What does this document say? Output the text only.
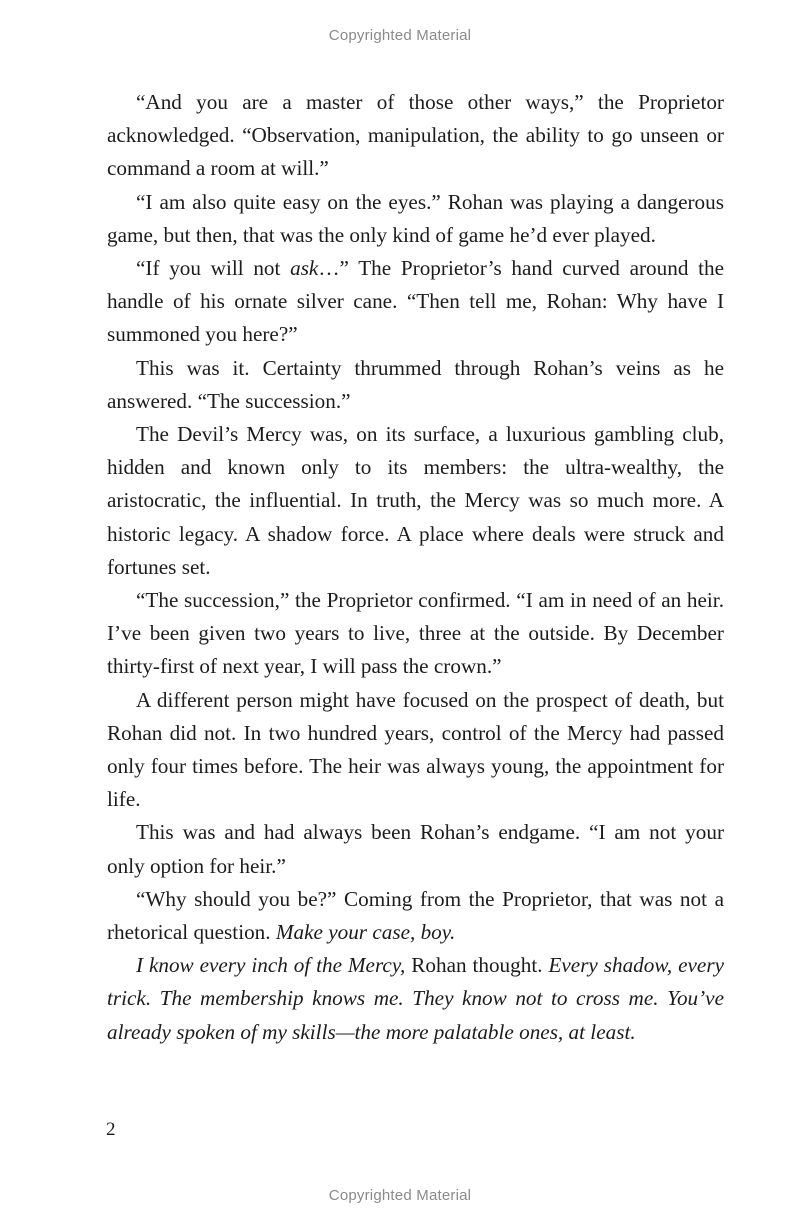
Copyrighted Material

“And you are a master of those other ways,” the Proprietor acknowledged. “Observation, manipulation, the ability to go unseen or command a room at will.”

“I am also quite easy on the eyes.” Rohan was playing a dangerous game, but then, that was the only kind of game he’d ever played.

“If you will not ask…” The Proprietor’s hand curved around the handle of his ornate silver cane. “Then tell me, Rohan: Why have I summoned you here?”

This was it. Certainty thrummed through Rohan’s veins as he answered. “The succession.”

The Devil’s Mercy was, on its surface, a luxurious gambling club, hidden and known only to its members: the ultra-wealthy, the aristocratic, the influential. In truth, the Mercy was so much more. A historic legacy. A shadow force. A place where deals were struck and fortunes set.

“The succession,” the Proprietor confirmed. “I am in need of an heir. I’ve been given two years to live, three at the outside. By December thirty-first of next year, I will pass the crown.”

A different person might have focused on the prospect of death, but Rohan did not. In two hundred years, control of the Mercy had passed only four times before. The heir was always young, the appointment for life.

This was and had always been Rohan’s endgame. “I am not your only option for heir.”

“Why should you be?” Coming from the Proprietor, that was not a rhetorical question. Make your case, boy.

I know every inch of the Mercy, Rohan thought. Every shadow, every trick. The membership knows me. They know not to cross me. You’ve already spoken of my skills—the more palatable ones, at least.

2
Copyrighted Material
